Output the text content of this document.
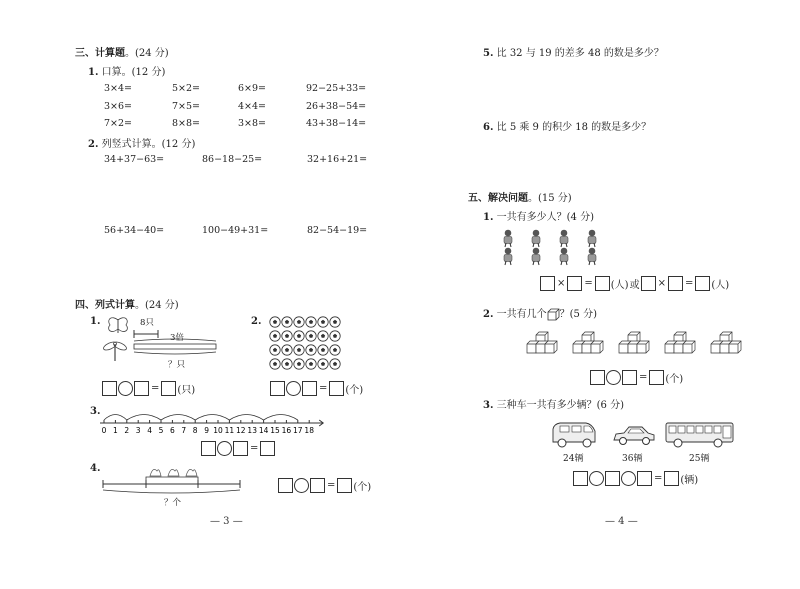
三、计算题。(24 分)
1. 口算。(12 分)
3×4=	5×2=	6×9=	92−25+33=
3×6=	7×5=	4×4=	26+38−54=
7×2=	8×8=	3×8=	43+38−14=
2. 列竖式计算。(12 分)
34+37−63=	86−18−25=	32+16+21=
56+34−40=	100−49+31=	82−54−19=
四、列式计算。(24 分)
1.	8只
3倍
？只
= (只)
2.
= (个)
3.
0 1 2 3 4 5 6 7 8 9 10 11 12 13 14 15 16 17 18
=
4.
？个
= (个)
— 3 —
5. 比 32 与 19 的差多 48 的数是多少？
6. 比 5 乘 9 的积少 18 的数是多少？
五、解决问题。(15 分)
1. 一共有多少人？(4 分)
× = (人) 或 × = (人)
2. 一共有几个 ？(5 分)
= (个)
3. 三种车一共有多少辆？(6 分)
24辆	36辆	25辆
= (辆)
— 4 —
